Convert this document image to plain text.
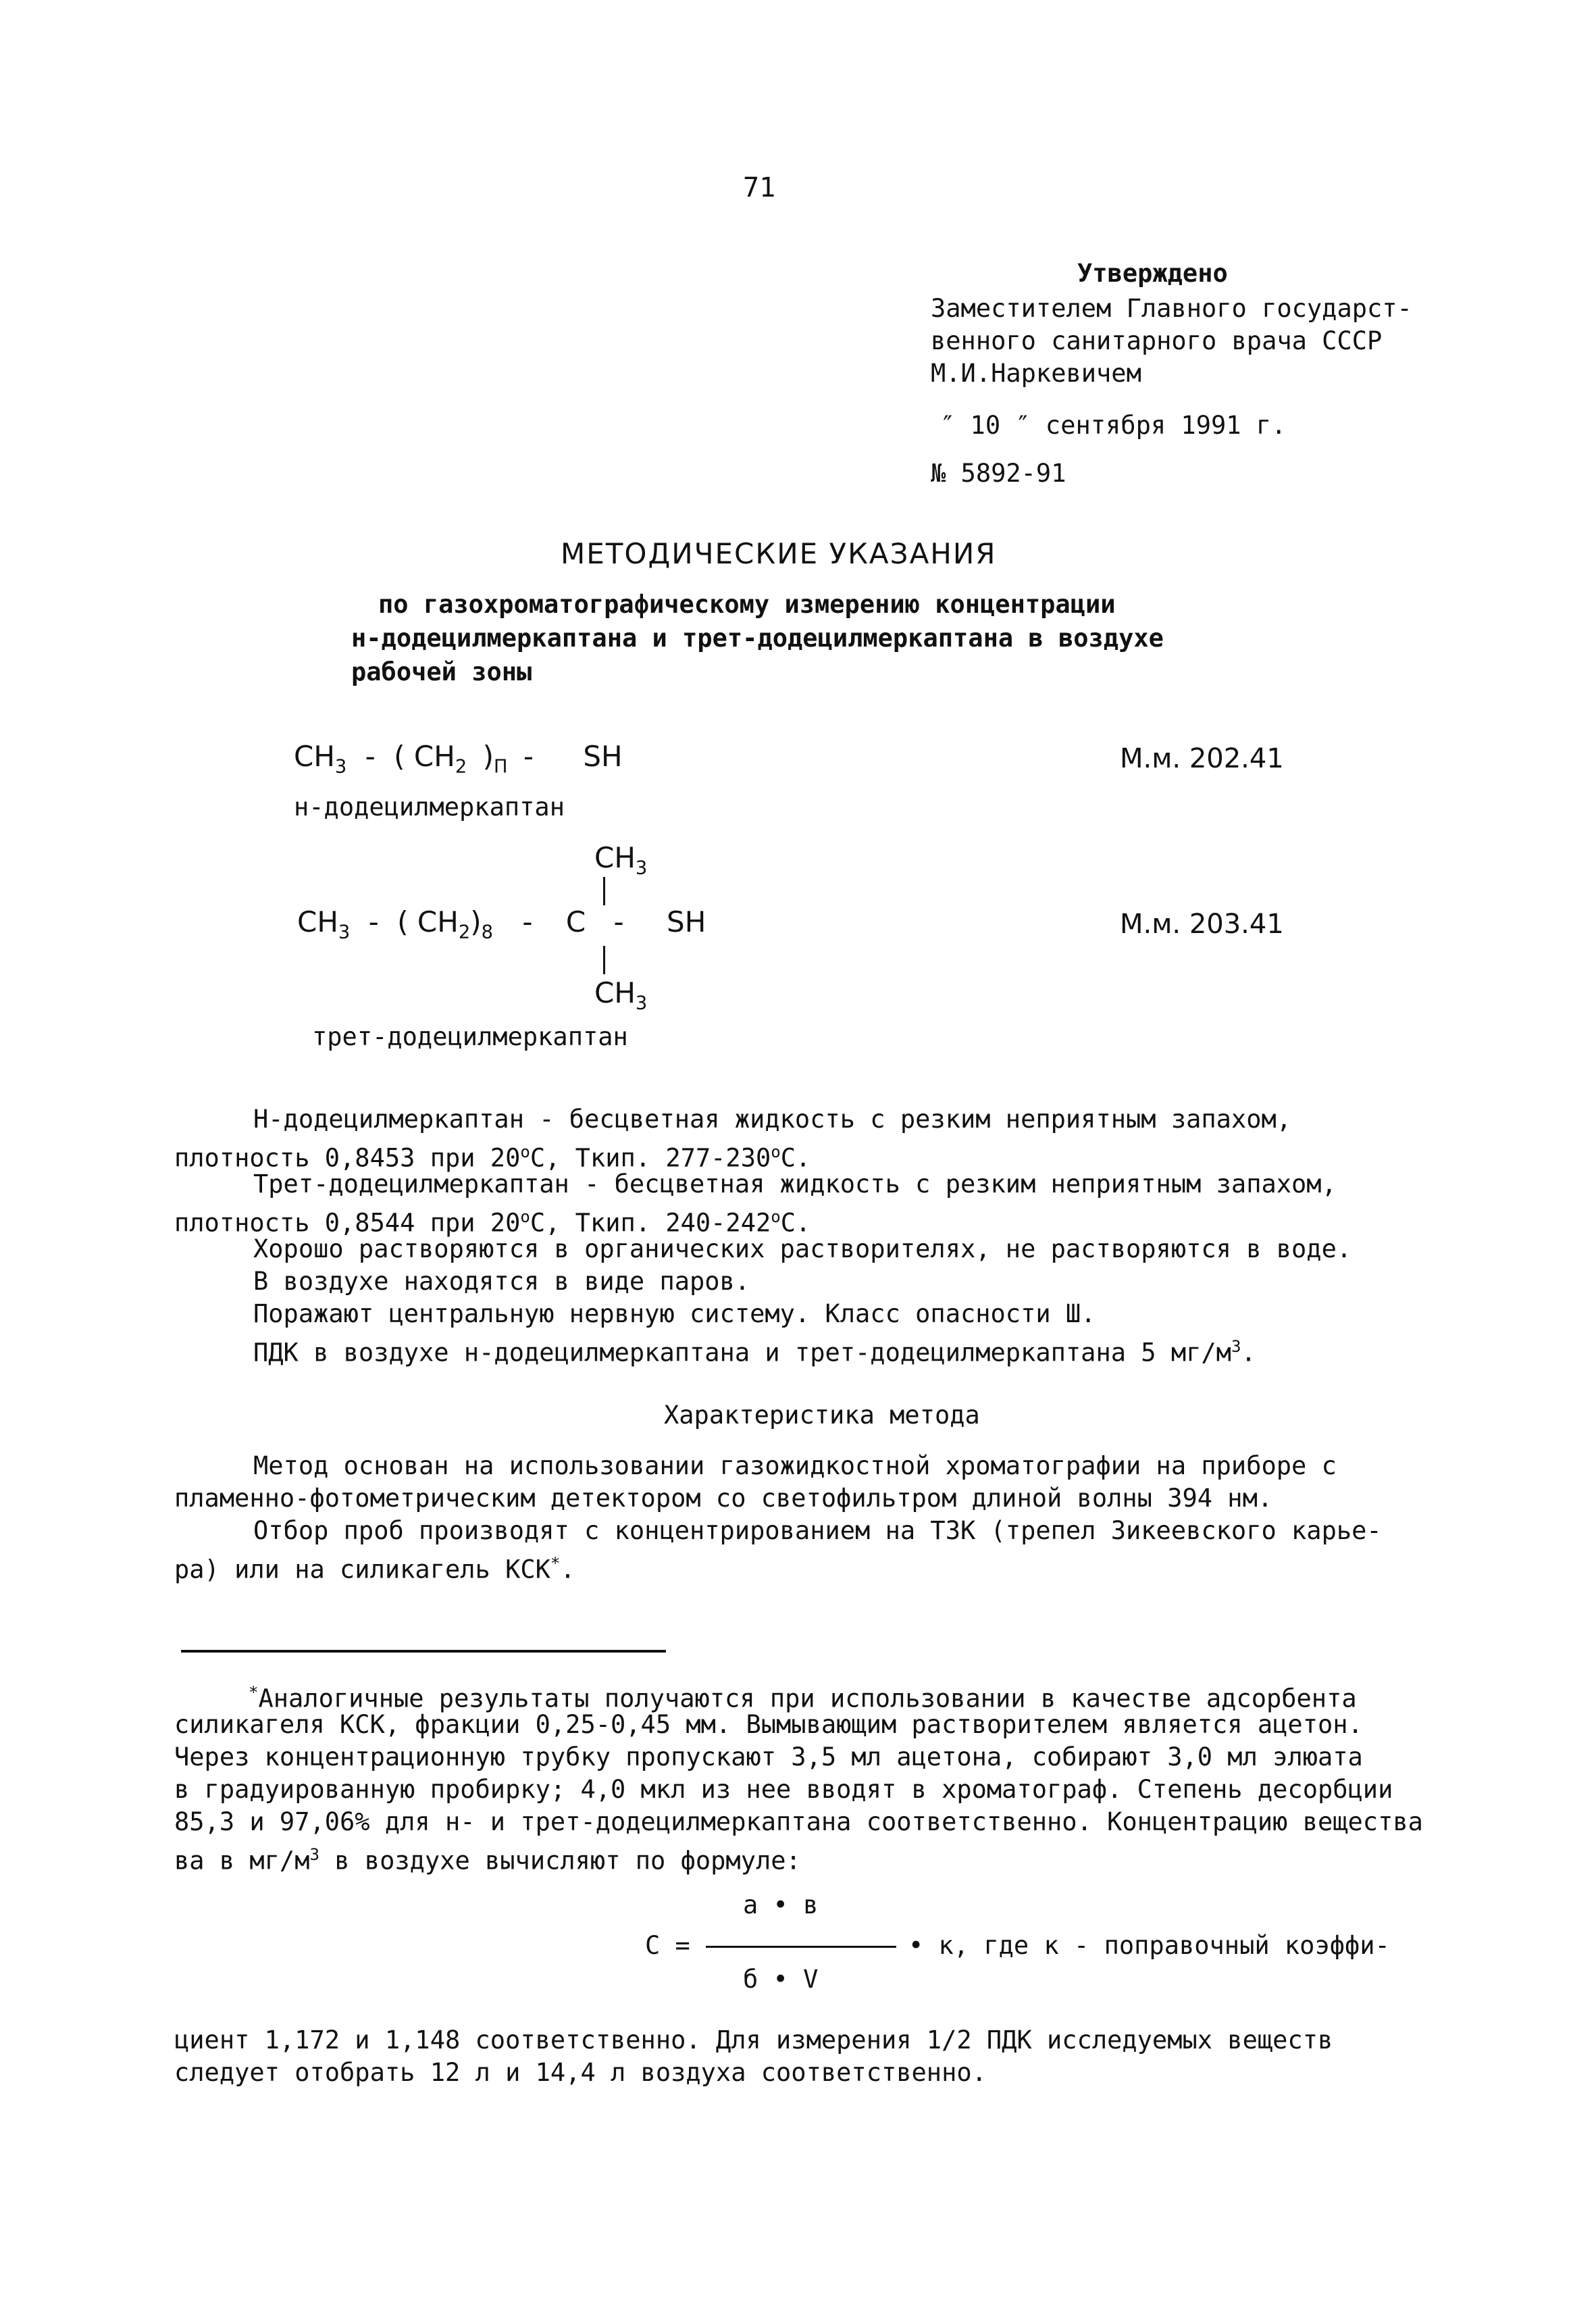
71
Утверждено
Заместителем Главного государст-
венного санитарного врача СССР
М.И.Наркевичем
″ 10 ″ сентября 1991 г.
№ 5892-91
МЕТОДИЧЕСКИЕ УКАЗАНИЯ
по газохроматографическому измерению концентрации
н-додецилмеркаптана и трет-додецилмеркаптана в воздухе
рабочей зоны
$CH_3$ - ( $CH_2$ )$_П$ - SH
н-додецилмеркаптан
М.м. 202.41
$CH_3$
$CH_3$ - ( $CH_2)_8$ - C - SH
$CH_3$
трет-додецилмеркаптан
М.м. 203.41
Н-додецилмеркаптан - бесцветная жидкость с резким неприятным запахом,
плотность 0,8453 при $20^оС$, Ткип. $277-230^оС$.
Трет-додецилмеркаптан - бесцветная жидкость с резким неприятным запахом,
плотность 0,8544 при $20^оС$, Ткип. $240-242^оС$.
Хорошо растворяются в органических растворителях, не растворяются в воде.
В воздухе находятся в виде паров.
Поражают центральную нервную систему. Класс опасности Ш.
ПДК в воздухе н-додецилмеркаптана и трет-додецилмеркаптана 5 $мг/м^3$.
Характеристика метода
Метод основан на использовании газожидкостной хроматографии на приборе с
пламенно-фотометрическим детектором со светофильтром длиной волны 394 нм.
Отбор проб производят с концентрированием на ТЗК (трепел Зикеевского карье-
ра) или на силикагель КСК*.
*Аналогичные результаты получаются при использовании в качестве адсорбента
силикагеля КСК, фракции 0,25-0,45 мм. Вымывающим растворителем является ацетон.
Через концентрационную трубку пропускают 3,5 мл ацетона, собирают 3,0 мл элюата
в градуированную пробирку; 4,0 мкл из нее вводят в хроматограф. Степень десорбции
85,3 и 97,06% для н- и трет-додецилмеркаптана соответственно. Концентрацию вещества
ва в $мг/м^3$ в воздухе вычисляют по формуле:
а • в
С =	• к, где к - поправочный коэффи-
б • V
циент 1,172 и 1,148 соответственно. Для измерения 1/2 ПДК исследуемых веществ
следует отобрать 12 л и 14,4 л воздуха соответственно.
